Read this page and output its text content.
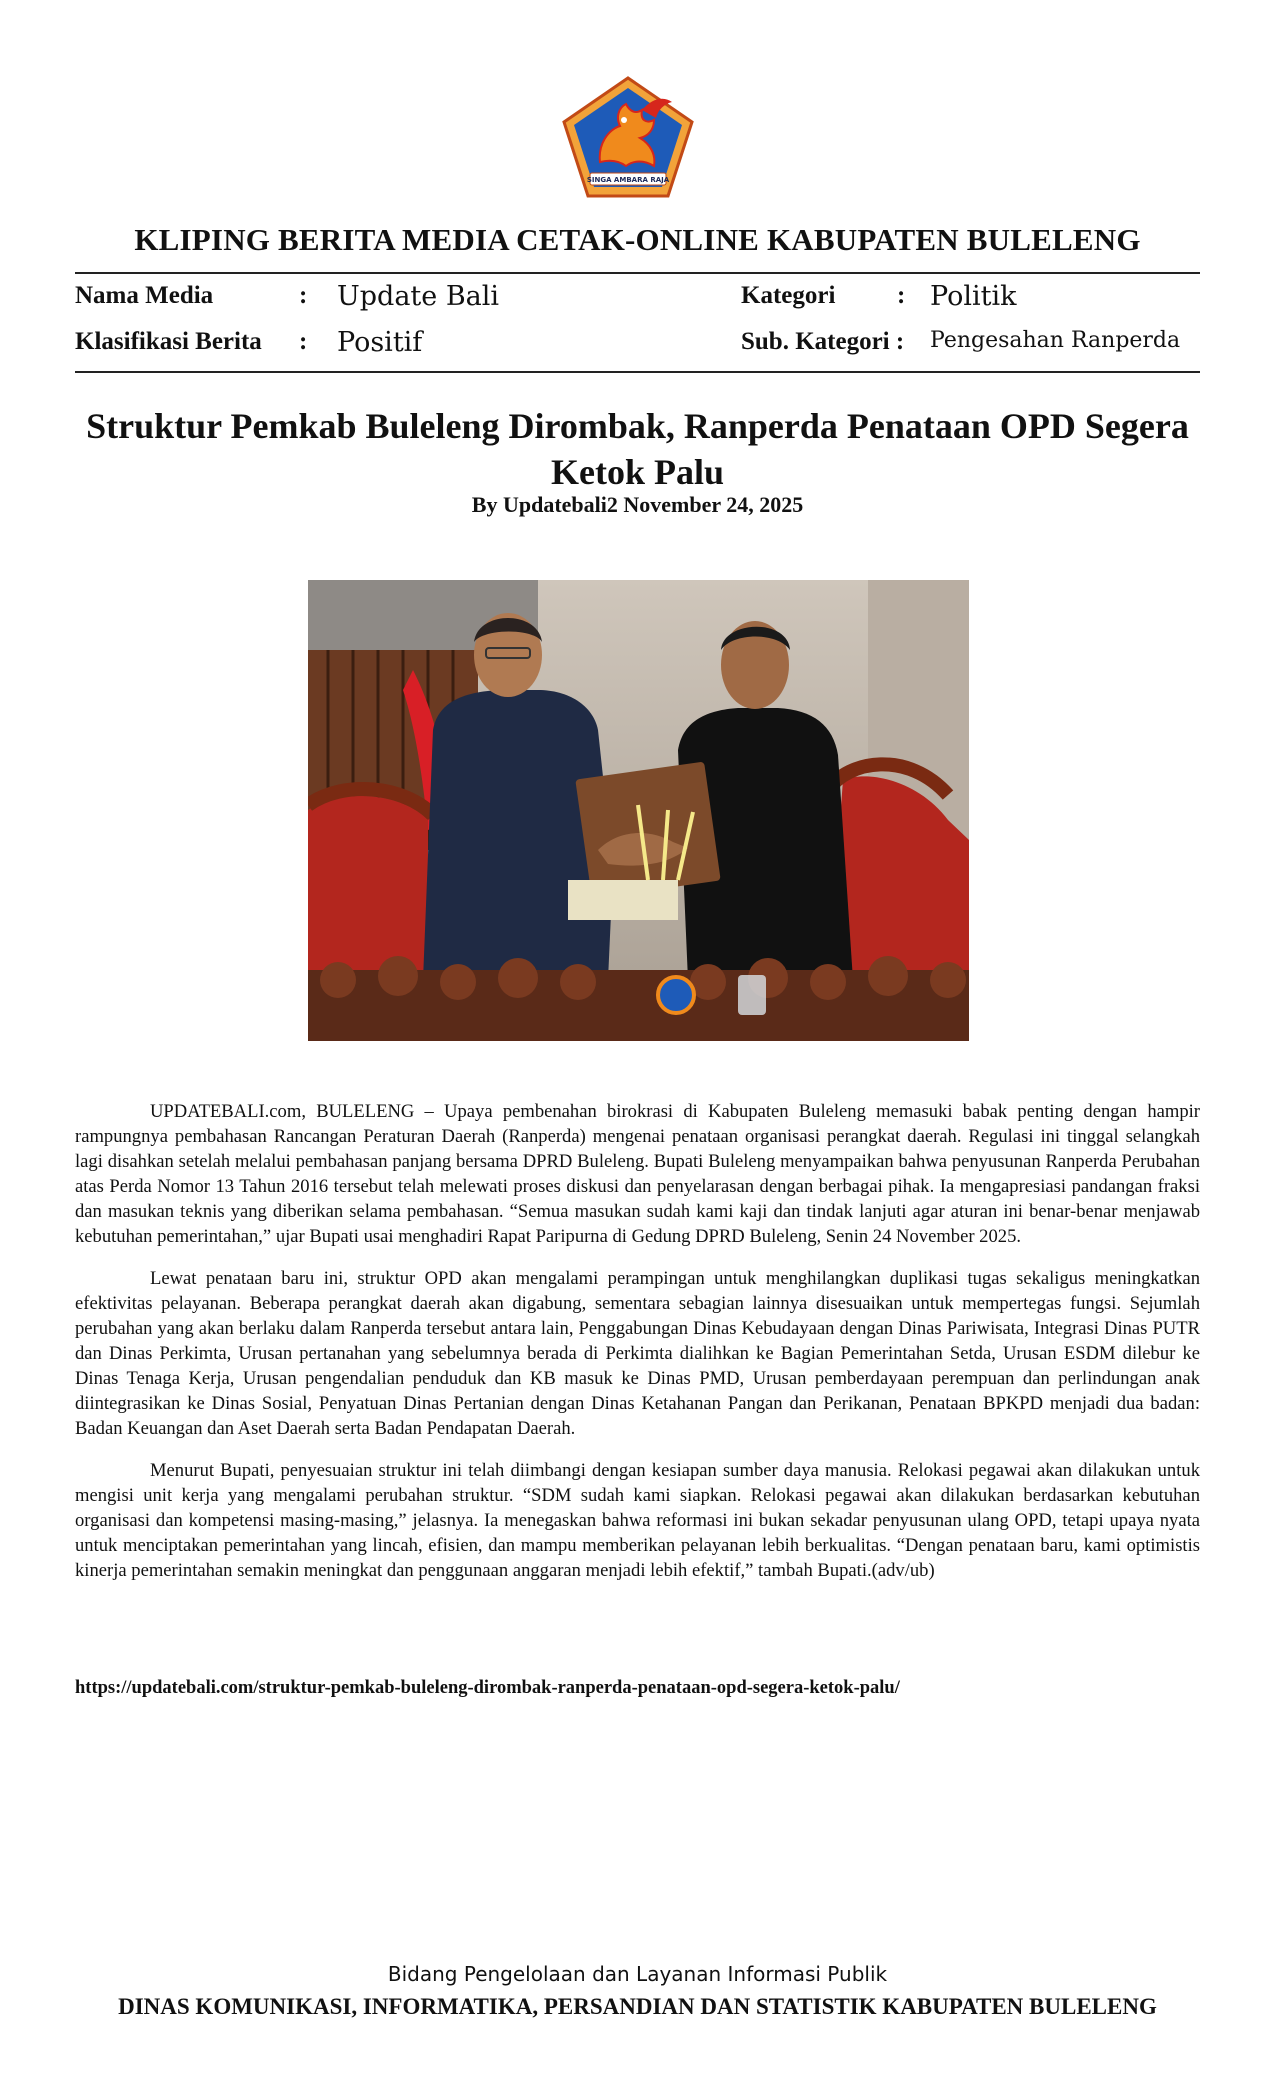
SINGA AMBARA RAJA
KLIPING BERITA MEDIA CETAK-ONLINE KABUPATEN BULELENG
Nama Media	: Update Bali	Kategori : Politik
Klasifikasi Berita : Positif	Sub. Kategori : Pengesahan Ranperda
Struktur Pemkab Buleleng Dirombak, Ranperda Penataan OPD Segera Ketok Palu
By Updatebali2 November 24, 2025

UPDATEBALI.com, BULELENG – Upaya pembenahan birokrasi di Kabupaten Buleleng memasuki babak penting dengan hampir rampungnya pembahasan Rancangan Peraturan Daerah (Ranperda) mengenai penataan organisasi perangkat daerah. Regulasi ini tinggal selangkah lagi disahkan setelah melalui pembahasan panjang bersama DPRD Buleleng. Bupati Buleleng menyampaikan bahwa penyusunan Ranperda Perubahan atas Perda Nomor 13 Tahun 2016 tersebut telah melewati proses diskusi dan penyelarasan dengan berbagai pihak. Ia mengapresiasi pandangan fraksi dan masukan teknis yang diberikan selama pembahasan. “Semua masukan sudah kami kaji dan tindak lanjuti agar aturan ini benar-benar menjawab kebutuhan pemerintahan,” ujar Bupati usai menghadiri Rapat Paripurna di Gedung DPRD Buleleng, Senin 24 November 2025.

Lewat penataan baru ini, struktur OPD akan mengalami perampingan untuk menghilangkan duplikasi tugas sekaligus meningkatkan efektivitas pelayanan. Beberapa perangkat daerah akan digabung, sementara sebagian lainnya disesuaikan untuk mempertegas fungsi. Sejumlah perubahan yang akan berlaku dalam Ranperda tersebut antara lain, Penggabungan Dinas Kebudayaan dengan Dinas Pariwisata, Integrasi Dinas PUTR dan Dinas Perkimta, Urusan pertanahan yang sebelumnya berada di Perkimta dialihkan ke Bagian Pemerintahan Setda, Urusan ESDM dilebur ke Dinas Tenaga Kerja, Urusan pengendalian penduduk dan KB masuk ke Dinas PMD, Urusan pemberdayaan perempuan dan perlindungan anak diintegrasikan ke Dinas Sosial, Penyatuan Dinas Pertanian dengan Dinas Ketahanan Pangan dan Perikanan, Penataan BPKPD menjadi dua badan: Badan Keuangan dan Aset Daerah serta Badan Pendapatan Daerah.

Menurut Bupati, penyesuaian struktur ini telah diimbangi dengan kesiapan sumber daya manusia. Relokasi pegawai akan dilakukan untuk mengisi unit kerja yang mengalami perubahan struktur. “SDM sudah kami siapkan. Relokasi pegawai akan dilakukan berdasarkan kebutuhan organisasi dan kompetensi masing-masing,” jelasnya. Ia menegaskan bahwa reformasi ini bukan sekadar penyusunan ulang OPD, tetapi upaya nyata untuk menciptakan pemerintahan yang lincah, efisien, dan mampu memberikan pelayanan lebih berkualitas. “Dengan penataan baru, kami optimistis kinerja pemerintahan semakin meningkat dan penggunaan anggaran menjadi lebih efektif,” tambah Bupati.(adv/ub)

https://updatebali.com/struktur-pemkab-buleleng-dirombak-ranperda-penataan-opd-segera-ketok-palu/
Bidang Pengelolaan dan Layanan Informasi Publik
DINAS KOMUNIKASI, INFORMATIKA, PERSANDIAN DAN STATISTIK KABUPATEN BULELENG
